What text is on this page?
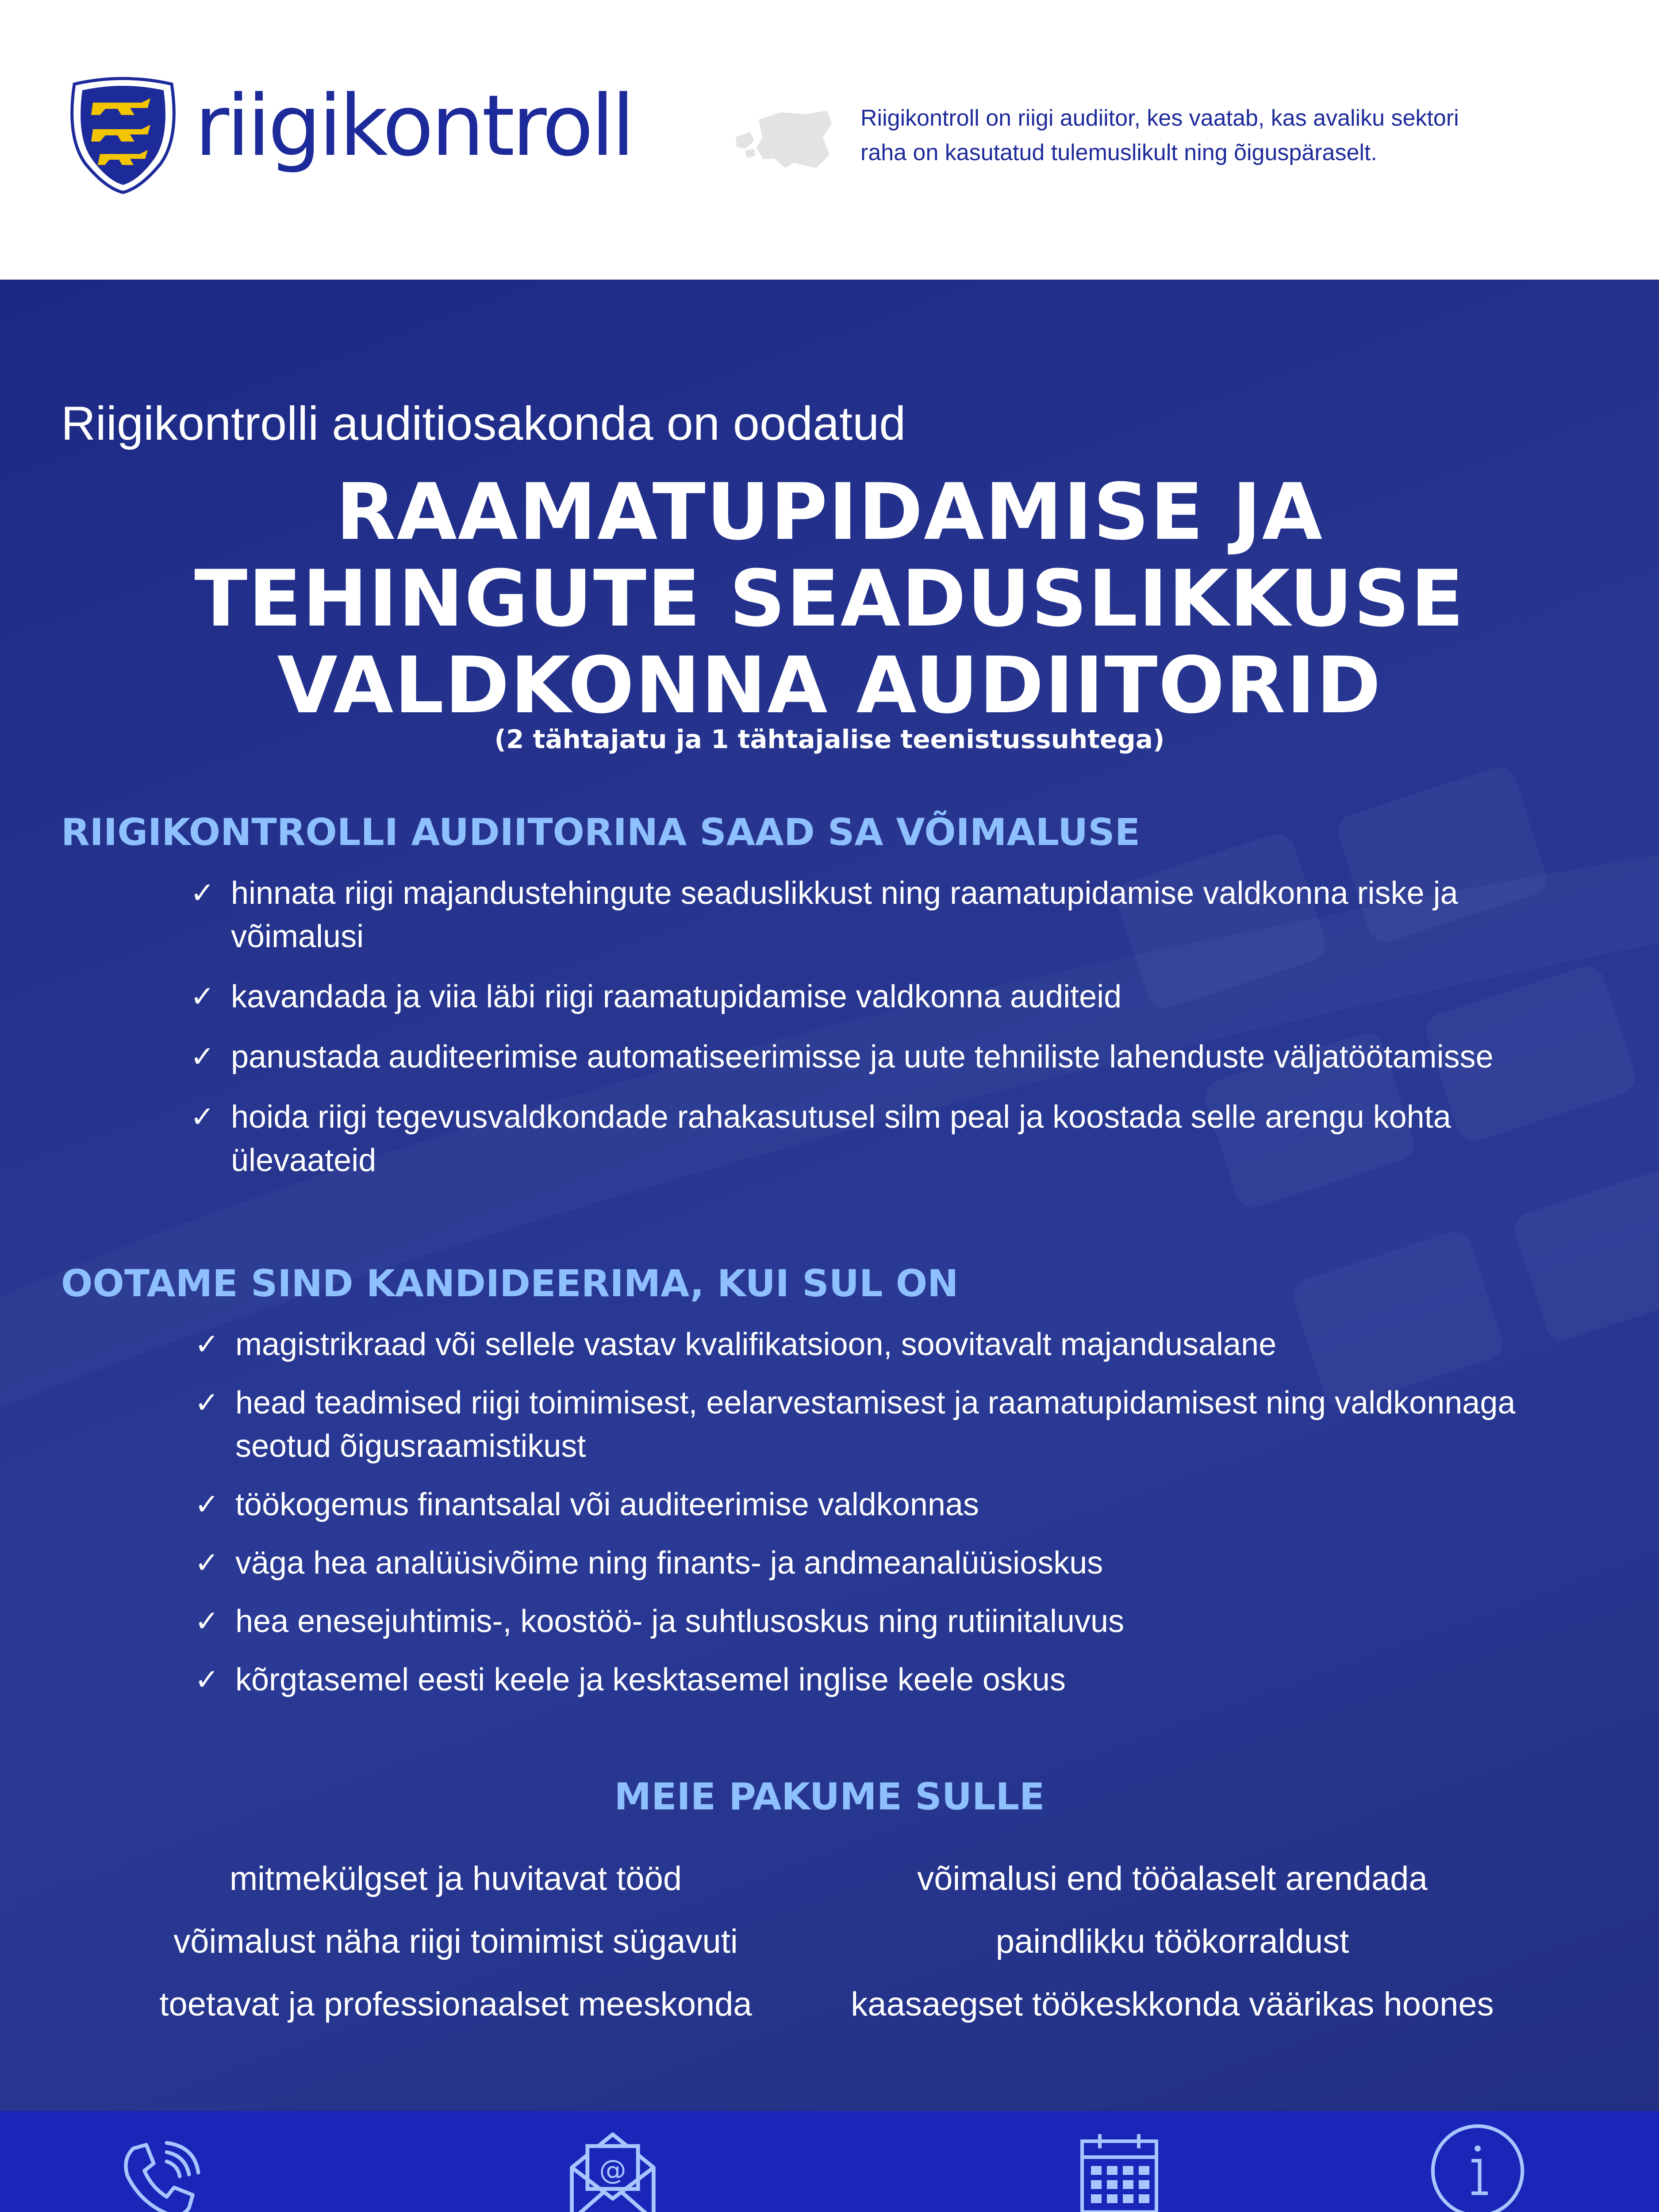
riigikontroll	Riigikontroll on riigi audiitor, kes vaatab, kas avaliku sektori
raha on kasutatud tulemuslikult ning õiguspäraselt.
Riigikontrolli auditiosakonda on oodatud
RAAMATUPIDAMISE JA
TEHINGUTE SEADUSLIKKUSE
VALDKONNA AUDIITORID
(2 tähtajatu ja 1 tähtajalise teenistussuhtega)
RIIGIKONTROLLI AUDIITORINA SAAD SA VÕIMALUSE
✓ hinnata riigi majandustehingute seaduslikkust ning raamatupidamise valdkonna riske ja võimalusi
✓ kavandada ja viia läbi riigi raamatupidamise valdkonna auditeid
✓ panustada auditeerimise automatiseerimisse ja uute tehniliste lahenduste väljatöötamisse
✓ hoida riigi tegevusvaldkondade rahakasutusel silm peal ja koostada selle arengu kohta ülevaateid
OOTAME SIND KANDIDEERIMA, KUI SUL ON
✓ magistrikraad või sellele vastav kvalifikatsioon, soovitavalt majandusalane
✓ head teadmised riigi toimimisest, eelarvestamisest ja raamatupidamisest ning valdkonnaga seotud õigusraamistikust
✓ töökogemus finantsalal või auditeerimise valdkonnas
✓ väga hea analüüsivõime ning finants- ja andmeanalüüsioskus
✓ hea enesejuhtimis-, koostöö- ja suhtlusoskus ning rutiinitaluvus
✓ kõrgtasemel eesti keele ja kesktasemel inglise keele oskus
MEIE PAKUME SULLE
mitmekülgset ja huvitavat tööd
võimalust näha riigi toimimist sügavuti
toetavat ja professionaalset meeskonda
võimalusi end tööalaselt arendada
paindlikku töökorraldust
kaasaegset töökeskkonda väärikas hoones
@
